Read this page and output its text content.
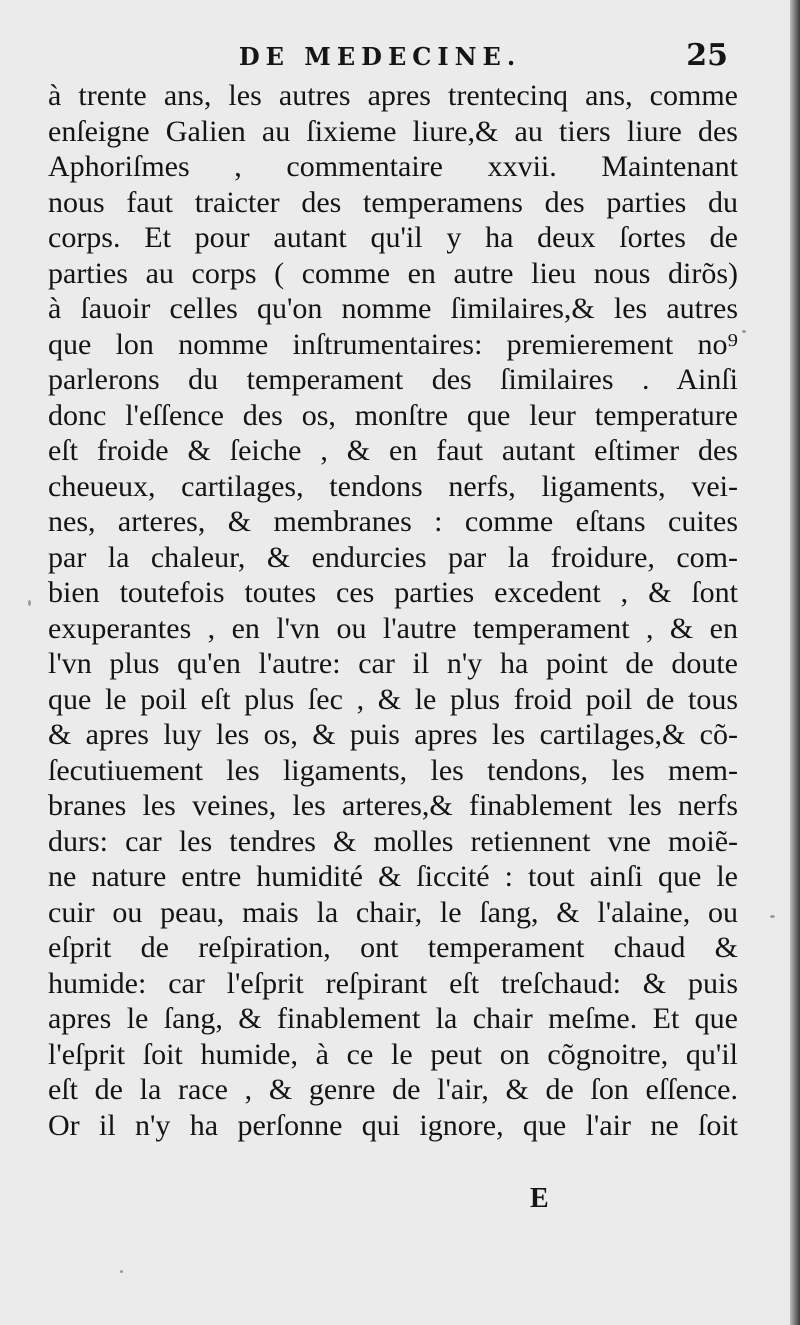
DE MEDECINE.	25
à trente ans, les autres apres trentecinq ans, comme
enſeigne Galien au ſixieme liure,& au tiers liure des
Aphoriſmes , commentaire xxvii. Maintenant
nous faut traicter des temperamens des parties du
corps. Et pour autant qu'il y ha deux ſortes de
parties au corps ( comme en autre lieu nous dirõs)
à ſauoir celles qu'on nomme ſimilaires,& les autres
que lon nomme inſtrumentaires: premierement no⁹
parlerons du temperament des ſimilaires . Ainſi
donc l'eſſence des os, monſtre que leur temperature
eſt froide & ſeiche , & en faut autant eſtimer des
cheueux, cartilages, tendons nerfs, ligaments, vei-
nes, arteres, & membranes : comme eſtans cuites
par la chaleur, & endurcies par la froidure, com-
bien toutefois toutes ces parties excedent , & ſont
exuperantes , en l'vn ou l'autre temperament , & en
l'vn plus qu'en l'autre: car il n'y ha point de doute
que le poil eſt plus ſec , & le plus froid poil de tous
& apres luy les os, & puis apres les cartilages,& cõ-
ſecutiuement les ligaments, les tendons, les mem-
branes les veines, les arteres,& finablement les nerfs
durs: car les tendres & molles retiennent vne moiẽ-
ne nature entre humidité & ſiccité : tout ainſi que le
cuir ou peau, mais la chair, le ſang, & l'alaine, ou
eſprit de reſpiration, ont temperament chaud &
humide: car l'eſprit reſpirant eſt treſchaud: & puis
apres le ſang, & finablement la chair meſme. Et que
l'eſprit ſoit humide, à ce le peut on cõgnoitre, qu'il
eſt de la race , & genre de l'air, & de ſon eſſence.
Or il n'y ha perſonne qui ignore, que l'air ne ſoit
E
